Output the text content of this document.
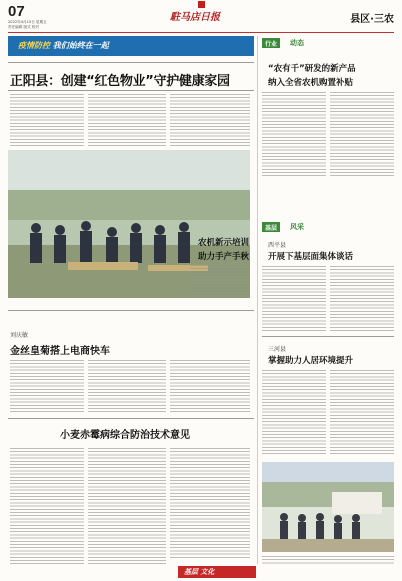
07
2022年4月15日 星期五
责任编辑 版式 校对
駐马店日报	县区·三农
疫情防控 我们始终在一起
正阳县：创建“红色物业”守护健康家园
行业	动态
“农有千”研发的新产品
纳入全省农机购置补贴
农机新示培训
助力手产手秋
基层	风采
西平县
开展下基层面集体谈话
刘庆敏
金丝皇菊搭上电商快车	三河县
掌握助力人居环境提升
小麦赤霉病综合防治技术意见
基层 文化
